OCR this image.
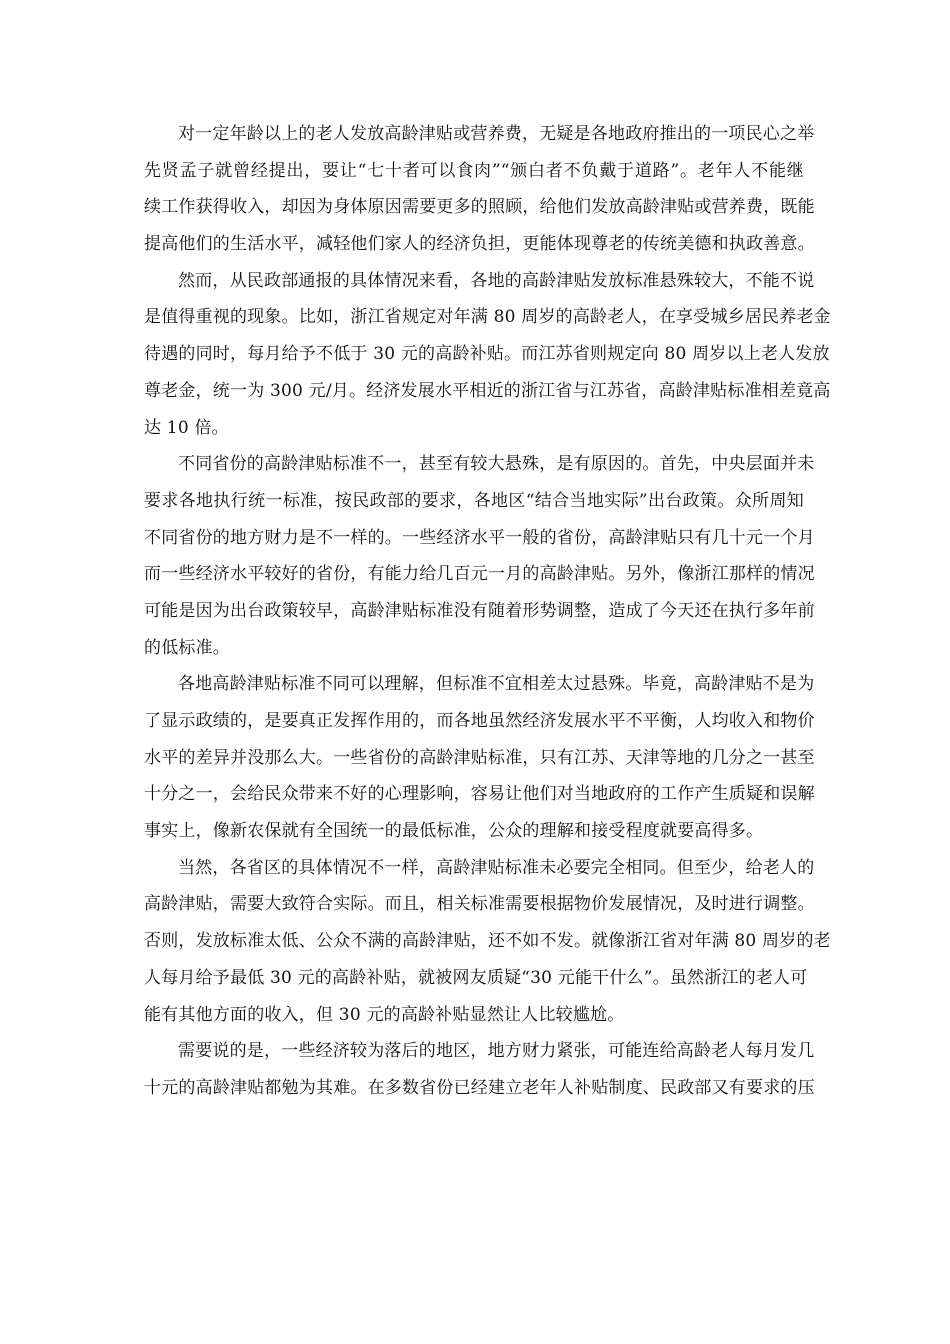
对一定年龄以上的老人发放高龄津贴或营养费，无疑是各地政府推出的一项民心之举
先贤孟子就曾经提出，要让“七十者可以食肉”“颁白者不负戴于道路”。老年人不能继
续工作获得收入，却因为身体原因需要更多的照顾，给他们发放高龄津贴或营养费，既能
提高他们的生活水平，减轻他们家人的经济负担，更能体现尊老的传统美德和执政善意。
然而，从民政部通报的具体情况来看，各地的高龄津贴发放标准悬殊较大，不能不说
是值得重视的现象。比如，浙江省规定对年满 80 周岁的高龄老人，在享受城乡居民养老金
待遇的同时，每月给予不低于 30 元的高龄补贴。而江苏省则规定向 80 周岁以上老人发放
尊老金，统一为 300 元/月。经济发展水平相近的浙江省与江苏省，高龄津贴标准相差竟高
达 10 倍。
不同省份的高龄津贴标准不一，甚至有较大悬殊，是有原因的。首先，中央层面并未
要求各地执行统一标准，按民政部的要求，各地区“结合当地实际”出台政策。众所周知
不同省份的地方财力是不一样的。一些经济水平一般的省份，高龄津贴只有几十元一个月
而一些经济水平较好的省份，有能力给几百元一月的高龄津贴。另外，像浙江那样的情况
可能是因为出台政策较早，高龄津贴标准没有随着形势调整，造成了今天还在执行多年前
的低标准。
各地高龄津贴标准不同可以理解，但标准不宜相差太过悬殊。毕竟，高龄津贴不是为
了显示政绩的，是要真正发挥作用的，而各地虽然经济发展水平不平衡，人均收入和物价
水平的差异并没那么大。一些省份的高龄津贴标准，只有江苏、天津等地的几分之一甚至
十分之一，会给民众带来不好的心理影响，容易让他们对当地政府的工作产生质疑和误解
事实上，像新农保就有全国统一的最低标准，公众的理解和接受程度就要高得多。
当然，各省区的具体情况不一样，高龄津贴标准未必要完全相同。但至少，给老人的
高龄津贴，需要大致符合实际。而且，相关标准需要根据物价发展情况，及时进行调整。
否则，发放标准太低、公众不满的高龄津贴，还不如不发。就像浙江省对年满 80 周岁的老
人每月给予最低 30 元的高龄补贴，就被网友质疑“30 元能干什么”。虽然浙江的老人可
能有其他方面的收入，但 30 元的高龄补贴显然让人比较尴尬。
需要说的是，一些经济较为落后的地区，地方财力紧张，可能连给高龄老人每月发几
十元的高龄津贴都勉为其难。在多数省份已经建立老年人补贴制度、民政部又有要求的压
